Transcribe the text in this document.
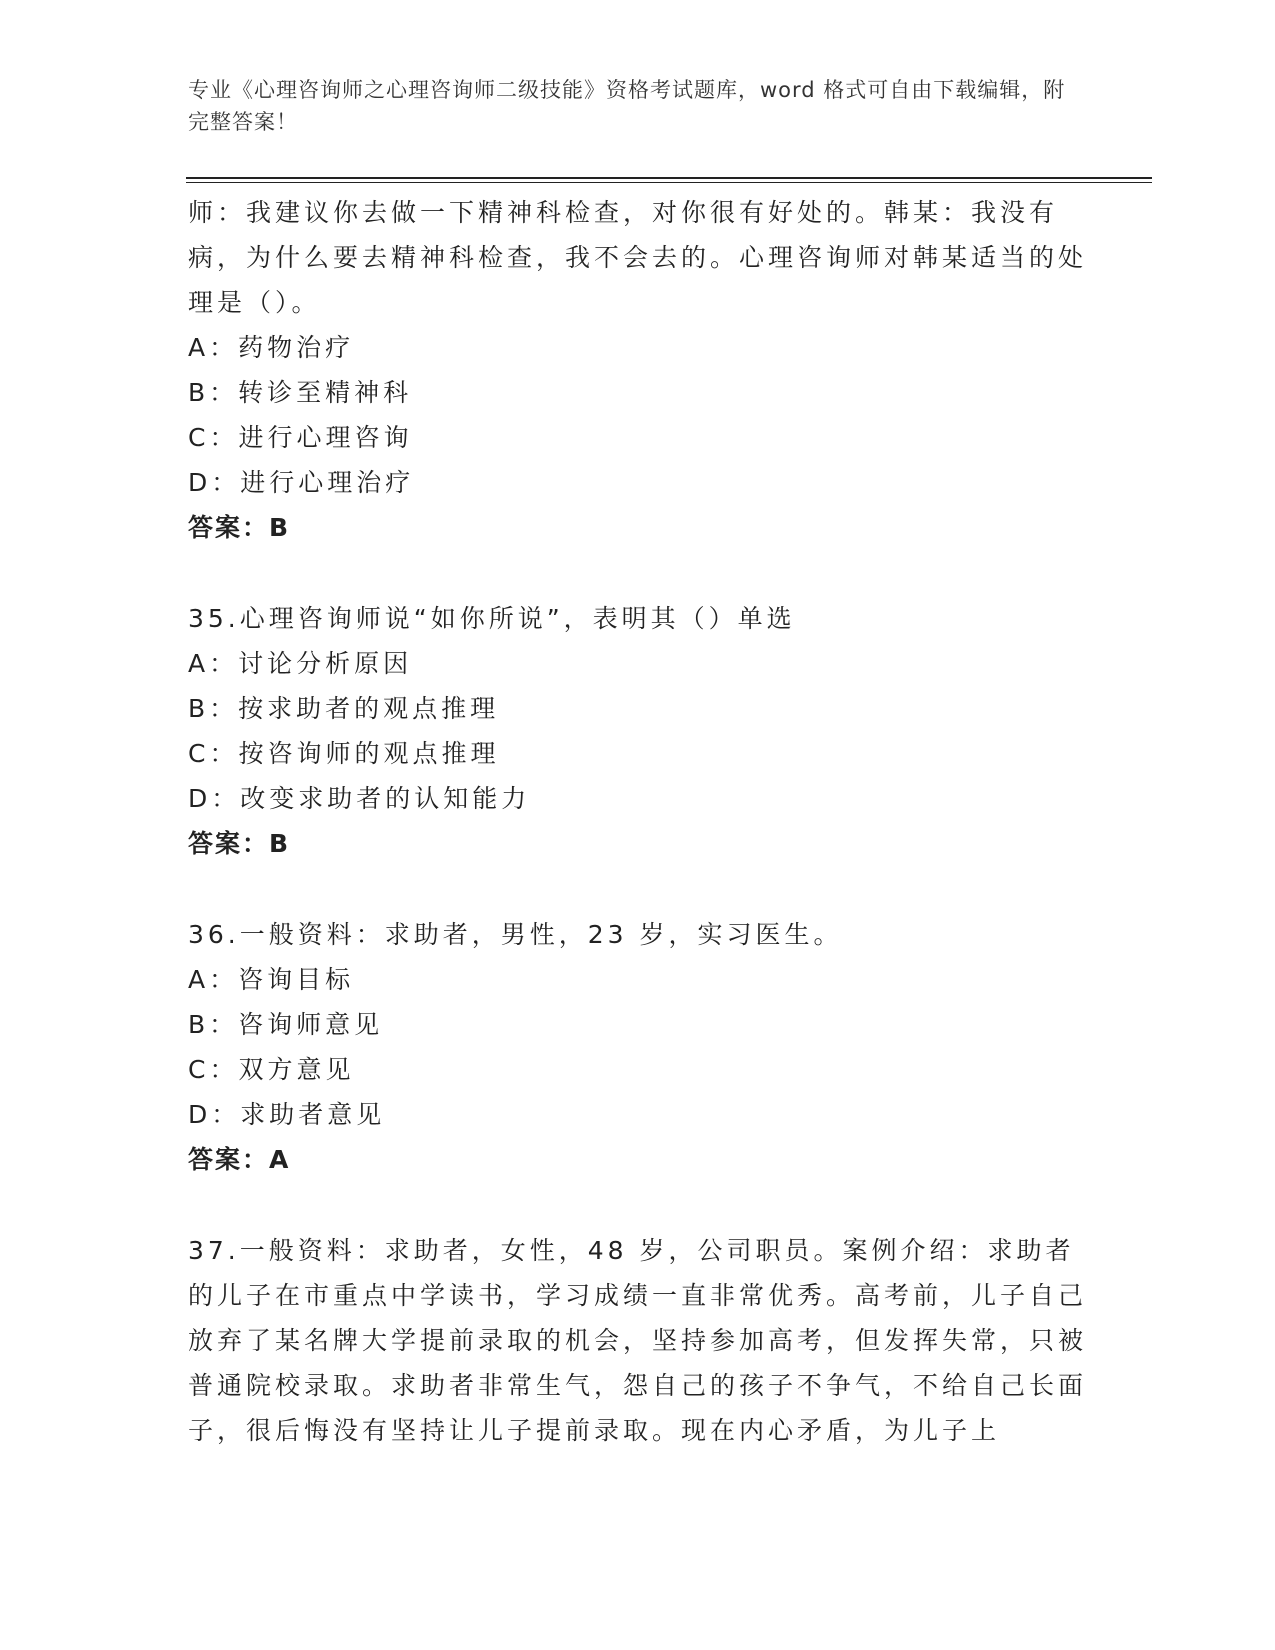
专业《心理咨询师之心理咨询师二级技能》资格考试题库，word 格式可自由下载编辑，附完整答案！

师：我建议你去做一下精神科检查，对你很有好处的。韩某：我没有病，为什么要去精神科检查，我不会去的。心理咨询师对韩某适当的处理是（）。

A：药物治疗

B：转诊至精神科

C：进行心理咨询

D：进行心理治疗

答案：B

35.心理咨询师说“如你所说”，表明其（）单选

A：讨论分析原因

B：按求助者的观点推理

C：按咨询师的观点推理

D：改变求助者的认知能力

答案：B

36.一般资料：求助者，男性，23 岁，实习医生。

A：咨询目标

B：咨询师意见

C：双方意见

D：求助者意见

答案：A

37.一般资料：求助者，女性，48 岁，公司职员。案例介绍：求助者的儿子在市重点中学读书，学习成绩一直非常优秀。高考前，儿子自己放弃了某名牌大学提前录取的机会，坚持参加高考，但发挥失常，只被普通院校录取。求助者非常生气，怨自己的孩子不争气，不给自己长面子，很后悔没有坚持让儿子提前录取。现在内心矛盾，为儿子上
